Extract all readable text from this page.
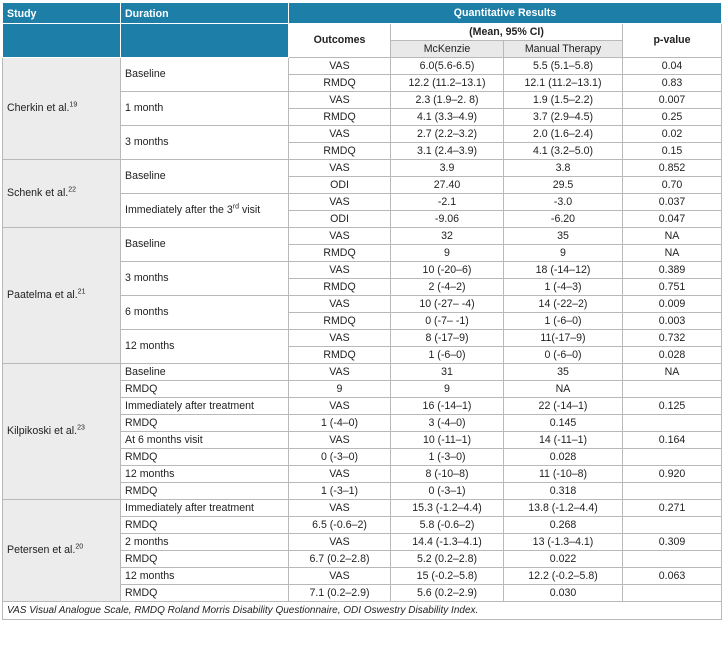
Study	Duration	Quantitative Results			
		Outcomes	(Mean, 95% CI)		p-value
			McKenzie	Manual Therapy	
Cherkin et al.$^{19}$	Baseline	VAS	6.0(5.6-6.5)	5.5 (5.1–5.8)	0.04
		RMDQ	12.2 (11.2–13.1)	12.1 (11.2–13.1)	0.83
	1 month	VAS	2.3 (1.9–2. 8)	1.9 (1.5–2.2)	0.007
		RMDQ	4.1 (3.3–4.9)	3.7 (2.9–4.5)	0.25
	3 months	VAS	2.7 (2.2–3.2)	2.0 (1.6–2.4)	0.02
		RMDQ	3.1 (2.4–3.9)	4.1 (3.2–5.0)	0.15
Schenk et al.$^{22}$	Baseline	VAS	3.9	3.8	0.852
		ODI	27.40	29.5	0.70
	Immediately after the 3rd visit	VAS	-2.1	-3.0	0.037
		ODI	-9.06	-6.20	0.047
Paatelma et al.$^{21}$	Baseline	VAS	32	35	NA
		RMDQ	9	9	NA
	3 months	VAS	10 (-20–6)	18 (-14–12)	0.389
		RMDQ	2 (-4–2)	1 (-4–3)	0.751
	6 months	VAS	10 (-27– -4)	14 (-22–2)	0.009
		RMDQ	0 (-7– -1)	1 (-6–0)	0.003
	12 months	VAS	8 (-17–9)	11(-17–9)	0.732
		RMDQ	1 (-6–0)	0 (-6–0)	0.028
Kilpikoski et al.$^{23}$	Baseline	VAS	31	35	NA
	RMDQ	9	9	NA	
	Immediately after treatment	VAS	16 (-14–1)	22 (-14–1)	0.125
	RMDQ	1 (-4–0)	3 (-4–0)	0.145	
	At 6 months visit	VAS	10 (-11–1)	14 (-11–1)	0.164
	RMDQ	0 (-3–0)	1 (-3–0)	0.028	
	12 months	VAS	8 (-10–8)	11 (-10–8)	0.920
	RMDQ	1 (-3–1)	0 (-3–1)	0.318	
Petersen et al.$^{20}$	Immediately after treatment	VAS	15.3 (-1.2–4.4)	13.8 (-1.2–4.4)	0.271
	RMDQ	6.5 (-0.6–2)	5.8 (-0.6–2)	0.268	
	2 months	VAS	14.4 (-1.3–4.1)	13 (-1.3–4.1)	0.309
	RMDQ	6.7 (0.2–2.8)	5.2 (0.2–2.8)	0.022	
	12 months	VAS	15 (-0.2–5.8)	12.2 (-0.2–5.8)	0.063
	RMDQ	7.1 (0.2–2.9)	5.6 (0.2–2.9)	0.030	
VAS Visual Analogue Scale, RMDQ Roland Morris Disability Questionnaire, ODI Oswestry Disability Index.					
